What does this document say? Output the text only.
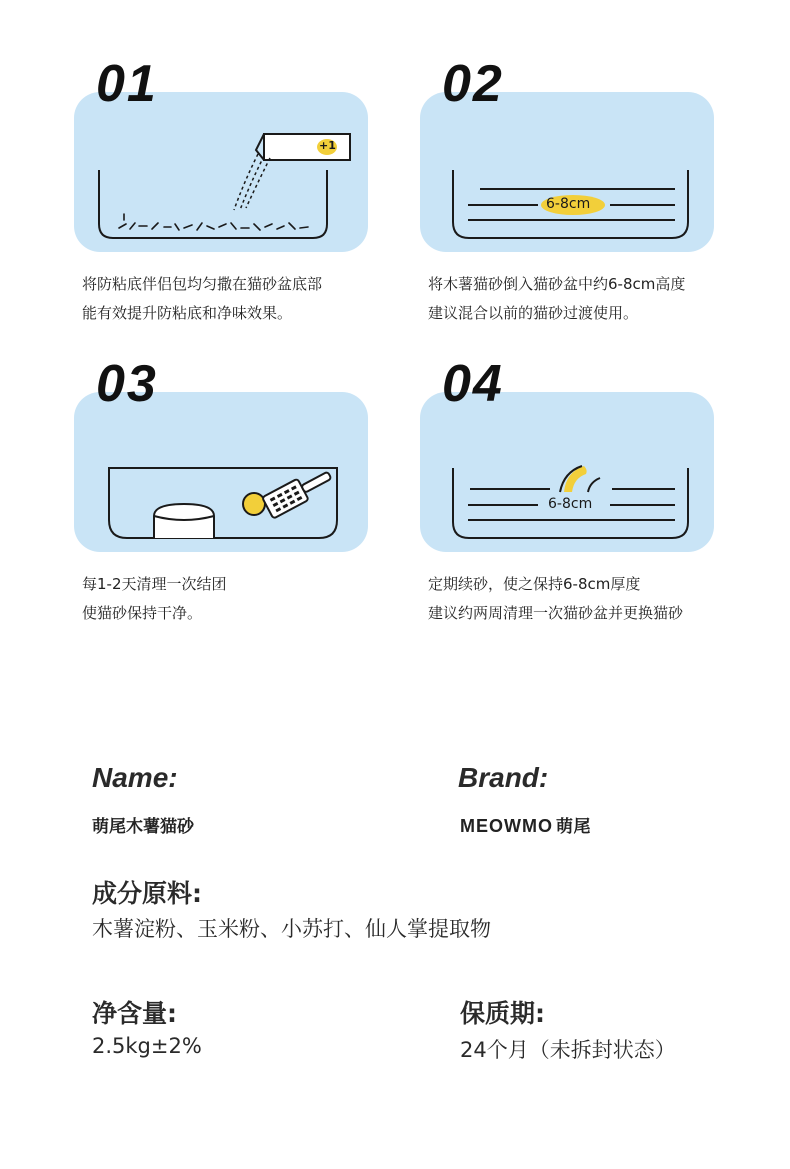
01
+1
将防粘底伴侣包均匀撒在猫砂盆底部
能有效提升防粘底和净味效果。
02
6-8cm
将木薯猫砂倒入猫砂盆中约6-8cm高度
建议混合以前的猫砂过渡使用。
03
每1-2天清理一次结团
使猫砂保持干净。
04
6-8cm
定期续砂，使之保持6-8cm厚度
建议约两周清理一次猫砂盆并更换猫砂
Name:
萌尾木薯猫砂
Brand:
MEOWMO 萌尾
成分原料:
木薯淀粉、玉米粉、小苏打、仙人掌提取物
净含量:
2.5kg±2%
保质期:
24个月（未拆封状态）
